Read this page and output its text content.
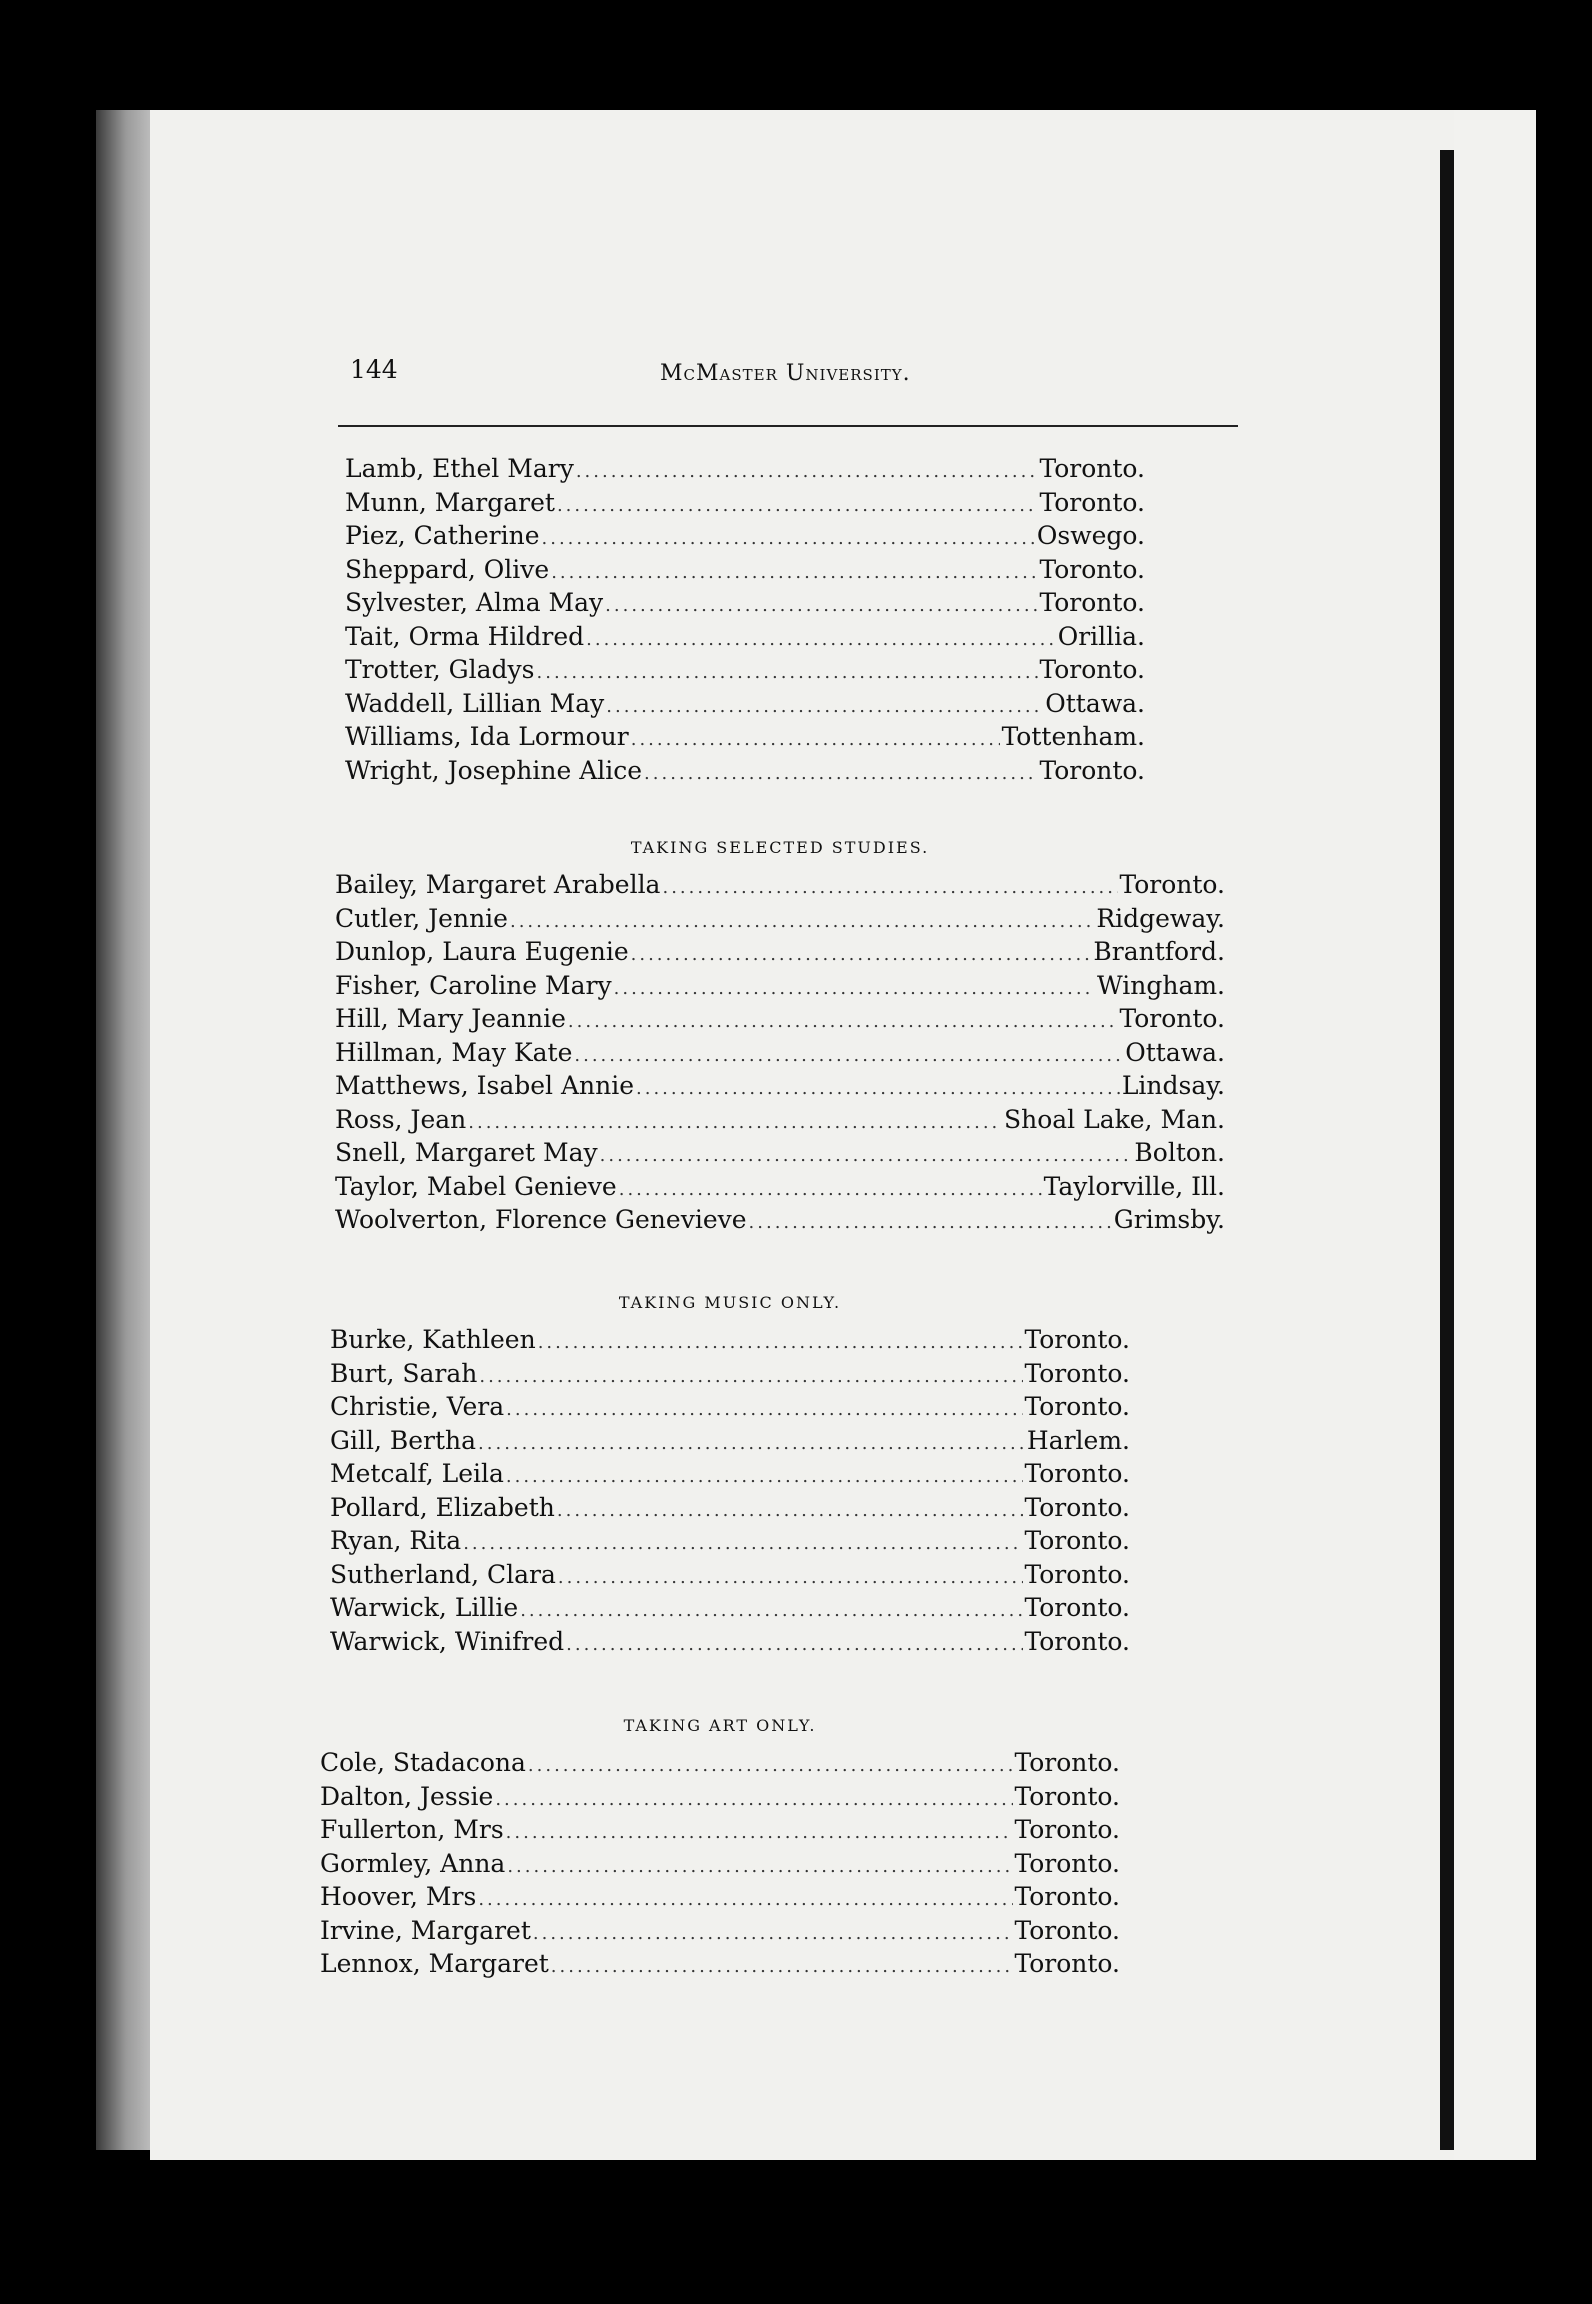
144	McMaster University.
Lamb, Ethel Mary .....	Toronto.
Munn, Margaret .....	Toronto.
Piez, Catherine .....	Oswego.
Sheppard, Olive .....	Toronto.
Sylvester, Alma May .....	Toronto.
Tait, Orma Hildred .....	Orillia.
Trotter, Gladys .....	Toronto.
Waddell, Lillian May .....	Ottawa.
Williams, Ida Lormour .....	Tottenham.
Wright, Josephine Alice .....	Toronto.
TAKING SELECTED STUDIES.
Bailey, Margaret Arabella .....	Toronto.
Cutler, Jennie .....	Ridgeway.
Dunlop, Laura Eugenie .....	Brantford.
Fisher, Caroline Mary .....	Wingham.
Hill, Mary Jeannie .....	Toronto.
Hillman, May Kate .....	Ottawa.
Matthews, Isabel Annie .....	Lindsay.
Ross, Jean .....	Shoal Lake, Man.
Snell, Margaret May .....	Bolton.
Taylor, Mabel Genieve .....	Taylorville, Ill.
Woolverton, Florence Genevieve .....	Grimsby.
TAKING MUSIC ONLY.
Burke, Kathleen .....	Toronto.
Burt, Sarah .....	Toronto.
Christie, Vera .....	Toronto.
Gill, Bertha .....	Harlem.
Metcalf, Leila .....	Toronto.
Pollard, Elizabeth .....	Toronto.
Ryan, Rita .....	Toronto.
Sutherland, Clara .....	Toronto.
Warwick, Lillie .....	Toronto.
Warwick, Winifred .....	Toronto.
TAKING ART ONLY.
Cole, Stadacona .....	Toronto.
Dalton, Jessie .....	Toronto.
Fullerton, Mrs .....	Toronto.
Gormley, Anna .....	Toronto.
Hoover, Mrs .....	Toronto.
Irvine, Margaret .....	Toronto.
Lennox, Margaret .....	Toronto.
